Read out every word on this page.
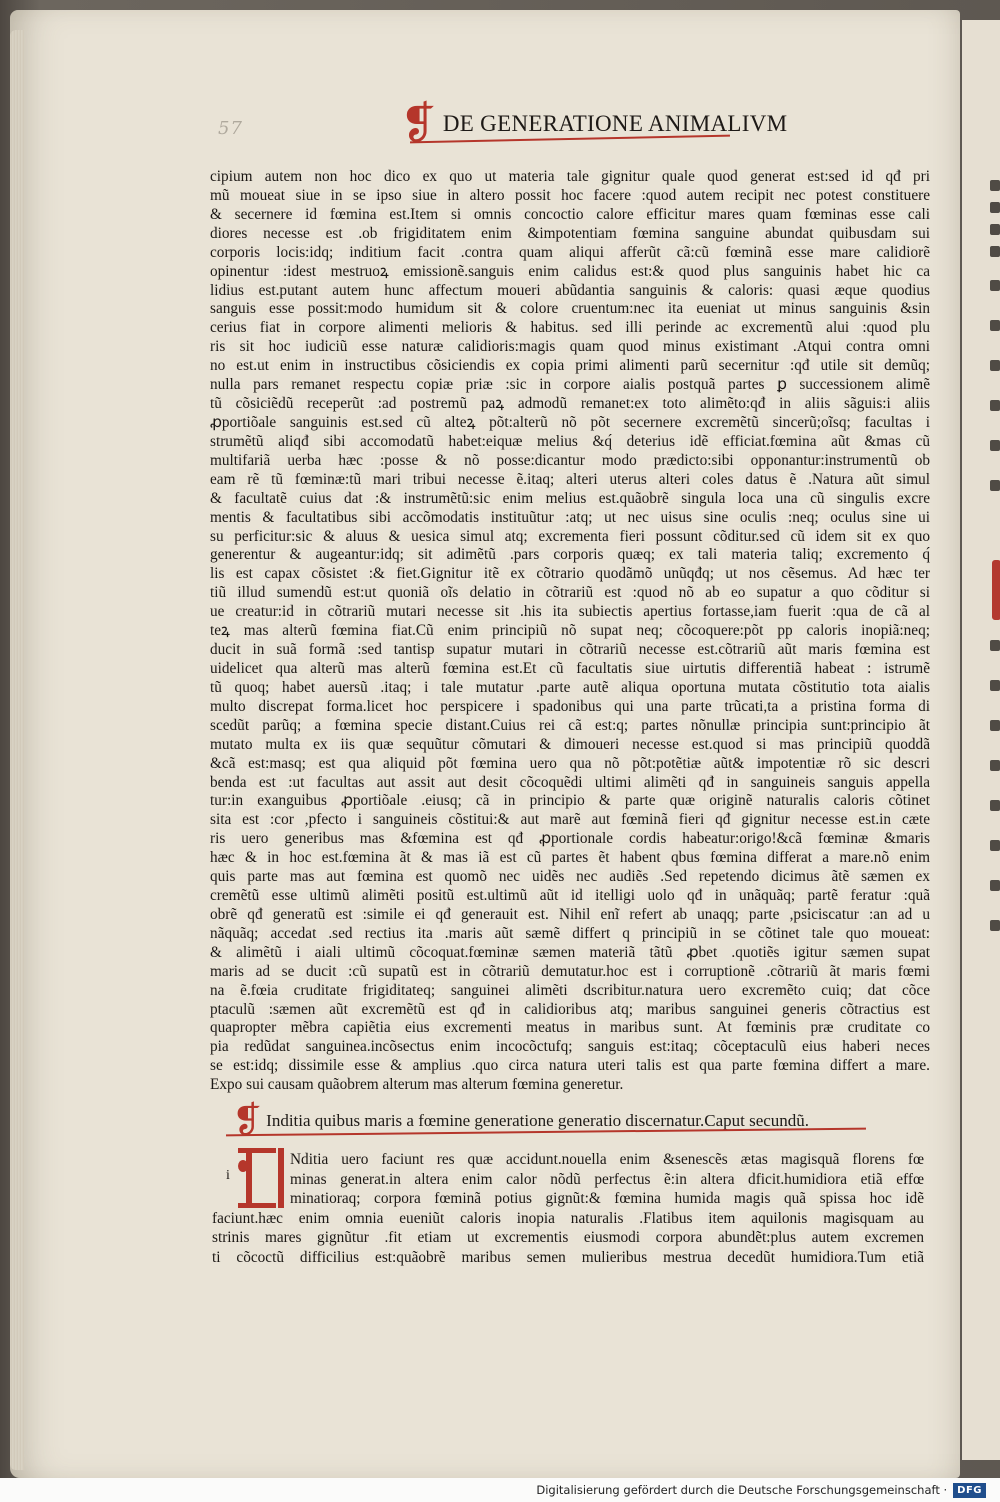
57	❡ DE GENERATIONE ANIMALIVM
cipium autem non hoc dico ex quo ut materia tale gignitur quale quod generat est:sed id qđ pri
mũ moueat siue in se ipso siue in altero possit hoc facere :quod autem recipit nec potest constituere
& secernere id fœmina est.Item si omnis concoctio calore efficitur mares quam fœminas esse cali
diores necesse est .ob frigiditatem enim &impotentiam fœmina sanguine abundat quibusdam sui
corporis locis:idq; inditium facit .contra quam aliqui afferũt cã:cũ fœminã esse mare calidiorẽ
opinentur :idest mestruoꝝ emissionẽ.sanguis enim calidus est:& quod plus sanguinis habet hic ca
lidius est.putant autem hunc affectum moueri abũdantia sanguinis & caloris: quasi æque quodius
sanguis esse possit:modo humidum sit & colore cruentum:nec ita eueniat ut minus sanguinis &sin
cerius fiat in corpore alimenti melioris & habitus. sed illi perinde ac excrementũ alui :quod plu
ris sit hoc iudiciũ esse naturæ calidioris:magis quam quod minus existimant .Atqui contra omni
no est.ut enim in instructibus cõsiciendis ex copia primi alimenti parũ secernitur :qđ utile sit demũq;
nulla pars remanet respectu copiæ priæ :sic in corpore aialis postquã partes ꝑ successionem alimẽ
tũ cõsiciẽdũ receperũt :ad postremũ paꝝ admodũ remanet:ex toto alimẽto:qđ in aliis sãguis:i aliis
ꝓportiõale sanguinis est.sed cũ alteꝝ põt:alterũ nõ põt secernere excremẽtũ sincerũ;oĩsq; facultas i
strumẽtũ aliqđ sibi accomodatũ habet:eiquæ melius &q́ deterius idẽ efficiat.fœmina aũt &mas cũ
multifariã uerba hæc :posse & nõ posse:dicantur modo prædicto:sibi opponantur:instrumentũ ob
eam rẽ tũ fœminæ:tũ mari tribui necesse ẽ.itaq; alteri uterus alteri coles datus ẽ .Natura aũt simul
& facultatẽ cuius dat :& instrumẽtũ:sic enim melius est.quãobrẽ singula loca una cũ singulis excre
mentis & facultatibus sibi accõmodatis instituũtur :atq; ut nec uisus sine oculis :neq; oculus sine ui
su perficitur:sic & aluus & uesica simul atq; excrementa fieri possunt cõditur.sed cũ idem sit ex quo
generentur & augeantur:idq; sit adimẽtũ .pars corporis quæq; ex tali materia taliq; excremento q́
lis est capax cõsistet :& fiet.Gignitur itẽ ex cõtrario quodãmõ unũqđq; ut nos cẽsemus. Ad hæc ter
tiũ illud sumendũ est:ut quoniã oĩs delatio in cõtrariũ est :quod nõ ab eo supatur a quo cõditur si
ue creatur:id in cõtrariũ mutari necesse sit .his ita subiectis apertius fortasse,iam fuerit :qua de cã al
teꝝ mas alterũ fœmina fiat.Cũ enim principiũ nõ supat neq; cõcoquere:põt pp caloris inopiã:neq;
ducit in suã formã :sed tantisp supatur mutari in cõtrariũ necesse est.cõtrariũ aũt maris fœmina est
uidelicet qua alterũ mas alterũ fœmina est.Et cũ facultatis siue uirtutis differentiã habeat : istrumẽ
tũ quoq; habet auersũ .itaq; i tale mutatur .parte autẽ aliqua oportuna mutata cõstitutio tota aialis
multo discrepat forma.licet hoc perspicere i spadonibus qui una parte trũcati,ta a pristina forma di
scedũt parũq; a fœmina specie distant.Cuius rei cã est:q; partes nõnullæ principia sunt:principio ãt
mutato multa ex iis quæ sequũtur cõmutari & dimoueri necesse est.quod si mas principiũ quoddã
&cã est:masq; est qua aliquid põt fœmina uero qua nõ põt:potẽtiæ aũt& impotentiæ rõ sic descri
benda est :ut facultas aut assit aut desit cõcoquẽdi ultimi alimẽti qđ in sanguineis sanguis appella
tur:in exanguibus ꝓportiõale .eiusq; cã in principio & parte quæ originẽ naturalis caloris cõtinet
sita est :cor ,pfecto i sanguineis cõstitui:& aut marẽ aut fœminã fieri qđ gignitur necesse est.in cæte
ris uero generibus mas &fœmina est qđ ꝓportionale cordis habeatur:origo!&cã fœminæ &maris
hæc & in hoc est.fœmina ãt & mas iã est cũ partes ẽt habent qbus fœmina differat a mare.nõ enim
quis parte mas aut fœmina est quomõ nec uidẽs nec audiẽs .Sed repetendo dicimus ãtẽ sæmen ex
cremẽtũ esse ultimũ alimẽti positũ est.ultimũ aũt id itelligi uolo qđ in unãquãq; partẽ feratur :quã
obrẽ qđ generatũ est :simile ei qđ generauit est. Nihil enĩ refert ab unaqq; parte ,psiciscatur :an ad u
nãquãq; accedat .sed rectius ita .maris aũt sæmẽ differt q principiũ in se cõtinet tale quo moueat:
& alimẽtũ i aiali ultimũ cõcoquat.fœminæ sæmen materiã tãtũ ꝓbet .quotiẽs igitur sæmen supat
maris ad se ducit :cũ supatũ est in cõtrariũ demutatur.hoc est i corruptionẽ .cõtrariũ ãt maris fœmi
na ẽ.fœia cruditate frigiditateq; sanguinei alimẽti dscribitur.natura uero excremẽto cuiq; dat cõce
ptaculũ :sæmen aũt excremẽtũ est qđ in calidioribus atq; maribus sanguinei generis cõtractius est
quapropter mẽbra capiẽtia eius excrementi meatus in maribus sunt. At fœminis præ cruditate co
pia redũdat sanguinea.incõsectus enim incocõctufq; sanguis est:itaq; cõceptaculũ eius haberi neces
se est:idq; dissimile esse & amplius .quo circa natura uteri talis est qua parte fœmina differt a mare.
Expo sui causam quãobrem alterum mas alterum fœmina generetur.
❡ Inditia quibus maris a fœmine generatione generatio discernatur.Caput secundũ.
i
Nditia uero faciunt res quæ accidunt.nouella enim &senescẽs ætas magisquã florens fœ
minas generat.in altera enim calor nõdũ perfectus ẽ:in altera dficit.humidiora etiã effœ
minatioraq; corpora fœminã potius gignũt:& fœmina humida magis quã spissa hoc idẽ
faciunt.hæc enim omnia eueniũt caloris inopia naturalis .Flatibus item aquilonis magisquam au
strinis mares gignũtur .fit etiam ut excrementis eiusmodi corpora abundẽt:plus autem excremen
ti cõcoctũ difficilius est:quãobrẽ maribus semen mulieribus mestrua decedũt humidiora.Tum etiã
Digitalisierung gefördert durch die Deutsche Forschungsgemeinschaft ·	DFG
